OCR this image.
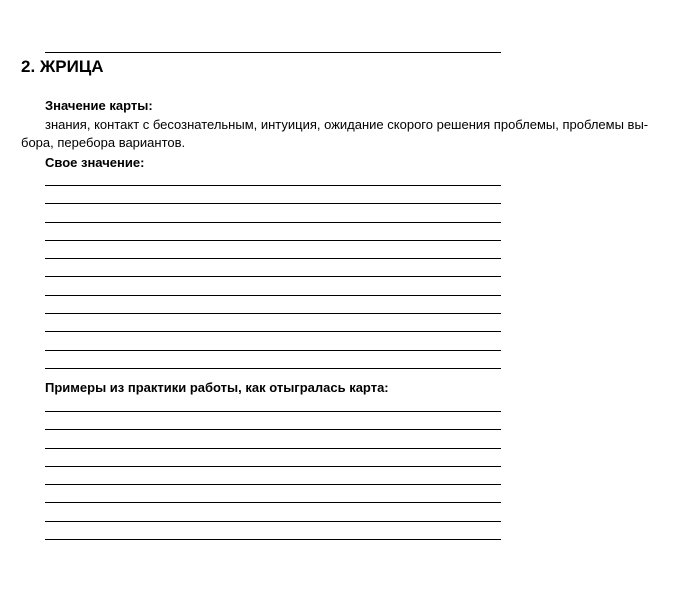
2. ЖРИЦА
Значение карты:
знания, контакт с бесознательным, интуиция, ожидание скорого решения проблемы, проблемы вы-
бора, перебора вариантов.
Свое значение:
Примеры из практики работы, как отыгралась карта:
